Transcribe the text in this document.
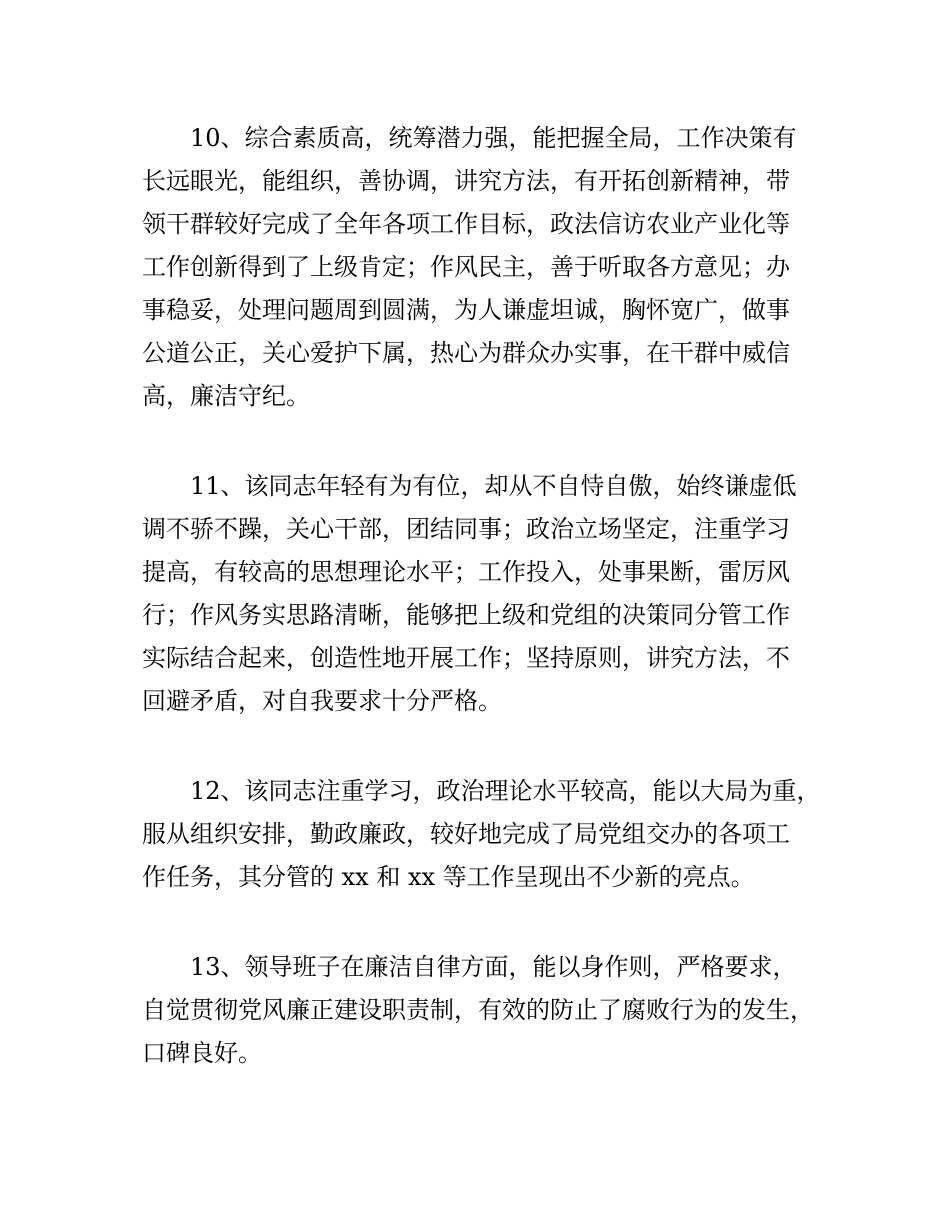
10、综合素质高，统筹潜力强，能把握全局，工作决策有
长远眼光，能组织，善协调，讲究方法，有开拓创新精神，带
领干群较好完成了全年各项工作目标，政法信访农业产业化等
工作创新得到了上级肯定；作风民主，善于听取各方意见；办
事稳妥，处理问题周到圆满，为人谦虚坦诚，胸怀宽广，做事
公道公正，关心爱护下属，热心为群众办实事，在干群中威信
高，廉洁守纪。
11、该同志年轻有为有位，却从不自恃自傲，始终谦虚低
调不骄不躁，关心干部，团结同事；政治立场坚定，注重学习
提高，有较高的思想理论水平；工作投入，处事果断，雷厉风
行；作风务实思路清晰，能够把上级和党组的决策同分管工作
实际结合起来，创造性地开展工作；坚持原则，讲究方法，不
回避矛盾，对自我要求十分严格。
12、该同志注重学习，政治理论水平较高，能以大局为重，
服从组织安排，勤政廉政，较好地完成了局党组交办的各项工
作任务，其分管的 xx 和 xx 等工作呈现出不少新的亮点。
13、领导班子在廉洁自律方面，能以身作则，严格要求，
自觉贯彻党风廉正建设职责制，有效的防止了腐败行为的发生，
口碑良好。
